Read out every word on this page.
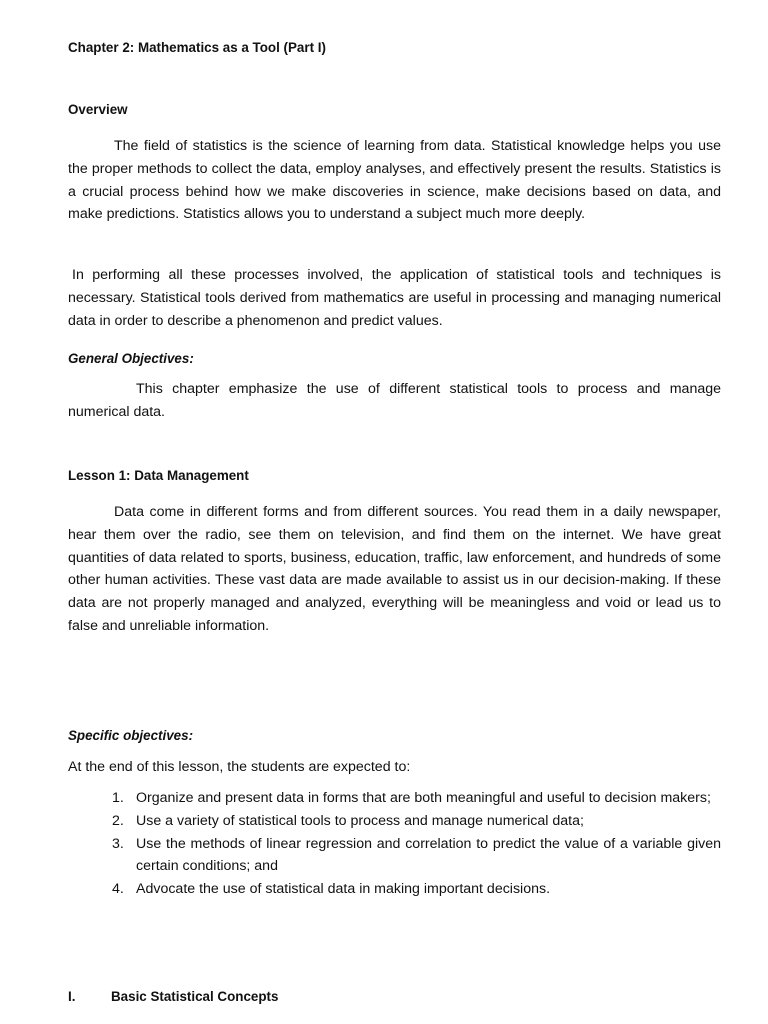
Chapter 2: Mathematics as a Tool (Part I)
Overview

The field of statistics is the science of learning from data. Statistical knowledge helps you use the proper methods to collect the data, employ analyses, and effectively present the results. Statistics is a crucial process behind how we make discoveries in science, make decisions based on data, and make predictions. Statistics allows you to understand a subject much more deeply.

In performing all these processes involved, the application of statistical tools and techniques is necessary. Statistical tools derived from mathematics are useful in processing and managing numerical data in order to describe a phenomenon and predict values.

General Objectives:

This chapter emphasize the use of different statistical tools to process and manage numerical data.

Lesson 1: Data Management

Data come in different forms and from different sources. You read them in a daily newspaper, hear them over the radio, see them on television, and find them on the internet. We have great quantities of data related to sports, business, education, traffic, law enforcement, and hundreds of some other human activities. These vast data are made available to assist us in our decision-making. If these data are not properly managed and analyzed, everything will be meaningless and void or lead us to false and unreliable information.

Specific objectives:
At the end of this lesson, the students are expected to:
1. Organize and present data in forms that are both meaningful and useful to decision makers;
2. Use a variety of statistical tools to process and manage numerical data;
3. Use the methods of linear regression and correlation to predict the value of a variable given certain conditions; and
4. Advocate the use of statistical data in making important decisions.
I.	Basic Statistical Concepts
